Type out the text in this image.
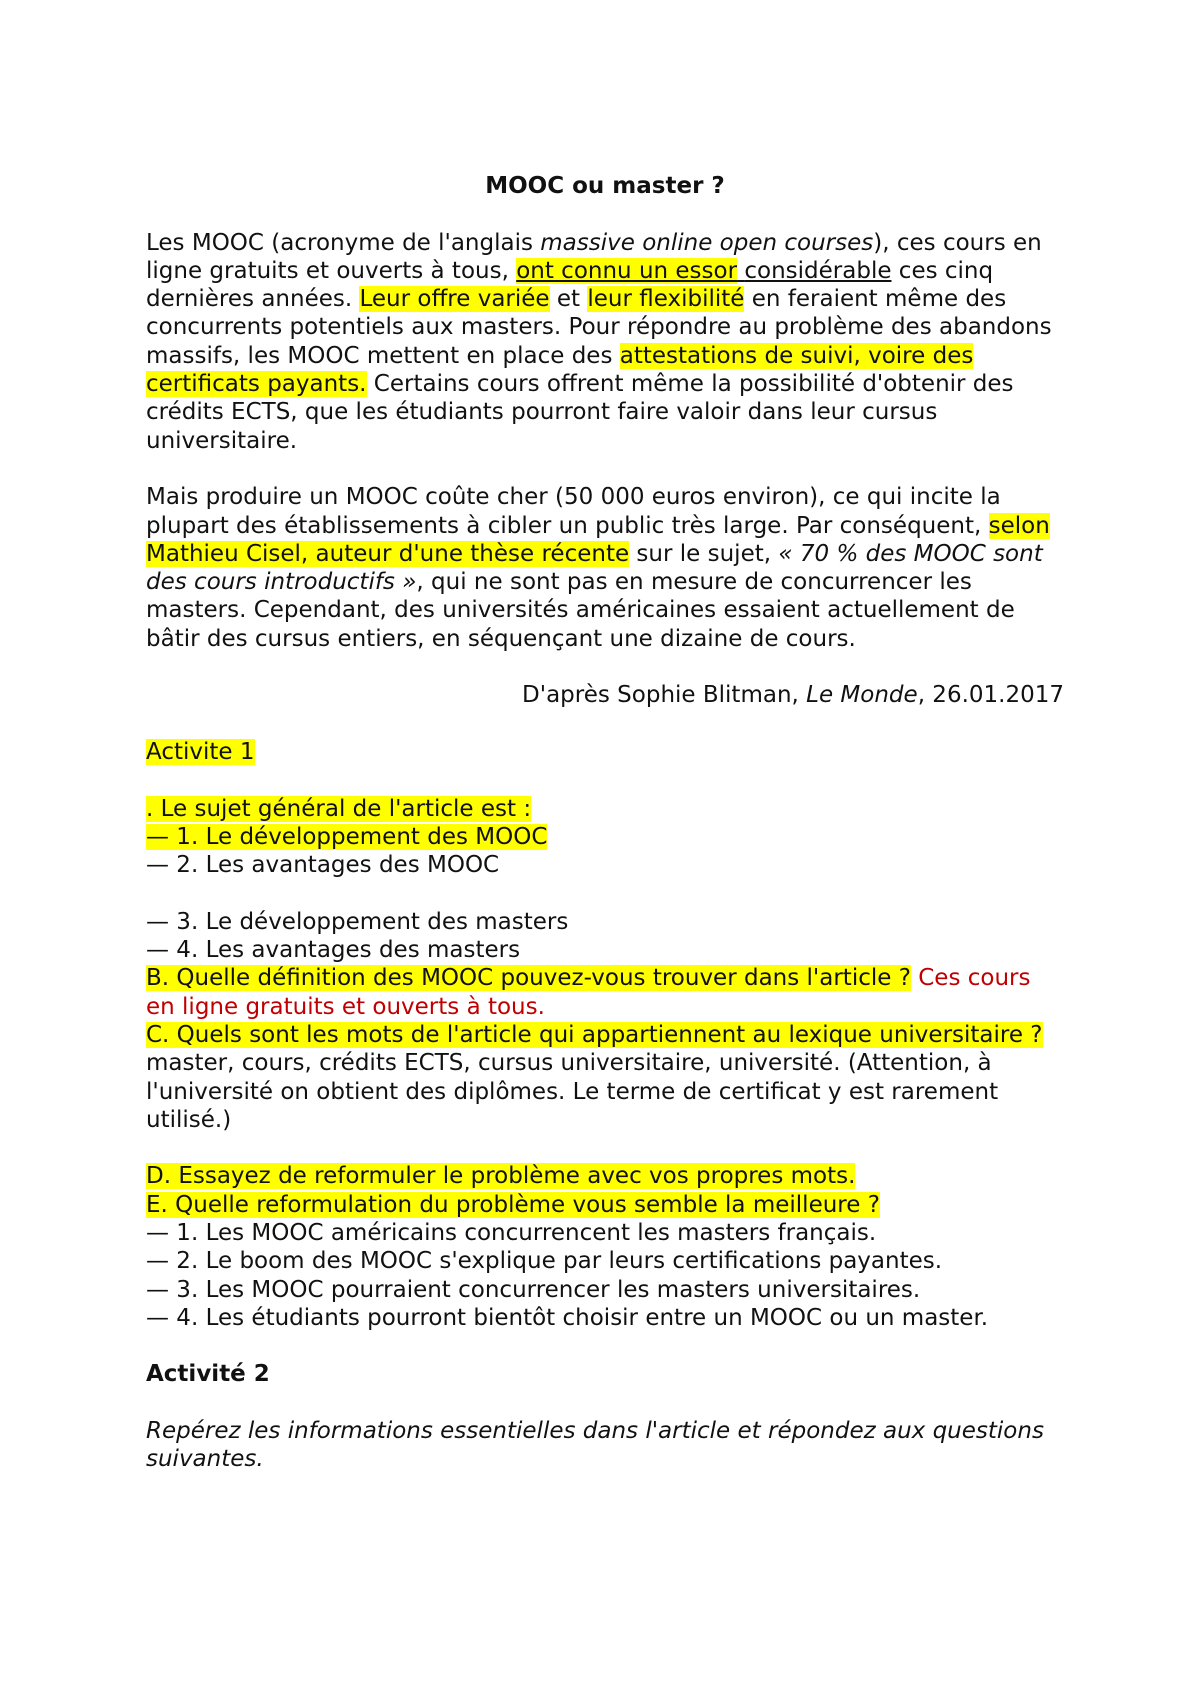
MOOC ou master ?

Les MOOC (acronyme de l'anglais massive online open courses), ces cours en ligne gratuits et ouverts à tous, ont connu un essor considérable ces cinq dernières années. Leur offre variée et leur flexibilité en feraient même des concurrents potentiels aux masters. Pour répondre au problème des abandons massifs, les MOOC mettent en place des attestations de suivi, voire des certificats payants. Certains cours offrent même la possibilité d'obtenir des crédits ECTS, que les étudiants pourront faire valoir dans leur cursus universitaire.

Mais produire un MOOC coûte cher (50 000 euros environ), ce qui incite la plupart des établissements à cibler un public très large. Par conséquent, selon Mathieu Cisel, auteur d'une thèse récente sur le sujet, « 70 % des MOOC sont des cours introductifs », qui ne sont pas en mesure de concurrencer les masters. Cependant, des universités américaines essaient actuellement de bâtir des cursus entiers, en séquençant une dizaine de cours.

D'après Sophie Blitman, Le Monde, 26.01.2017

Activite 1

. Le sujet général de l'article est :

— 1. Le développement des MOOC

— 2. Les avantages des MOOC

— 3. Le développement des masters

— 4. Les avantages des masters

B. Quelle définition des MOOC pouvez-vous trouver dans l'article ? Ces cours en ligne gratuits et ouverts à tous.

C. Quels sont les mots de l'article qui appartiennent au lexique universitaire ? master, cours, crédits ECTS, cursus universitaire, université. (Attention, à l'université on obtient des diplômes. Le terme de certificat y est rarement utilisé.)

D. Essayez de reformuler le problème avec vos propres mots.

E. Quelle reformulation du problème vous semble la meilleure ?

— 1. Les MOOC américains concurrencent les masters français.

— 2. Le boom des MOOC s'explique par leurs certifications payantes.

— 3. Les MOOC pourraient concurrencer les masters universitaires.

— 4. Les étudiants pourront bientôt choisir entre un MOOC ou un master.

Activité 2

Repérez les informations essentielles dans l'article et répondez aux questions suivantes.
